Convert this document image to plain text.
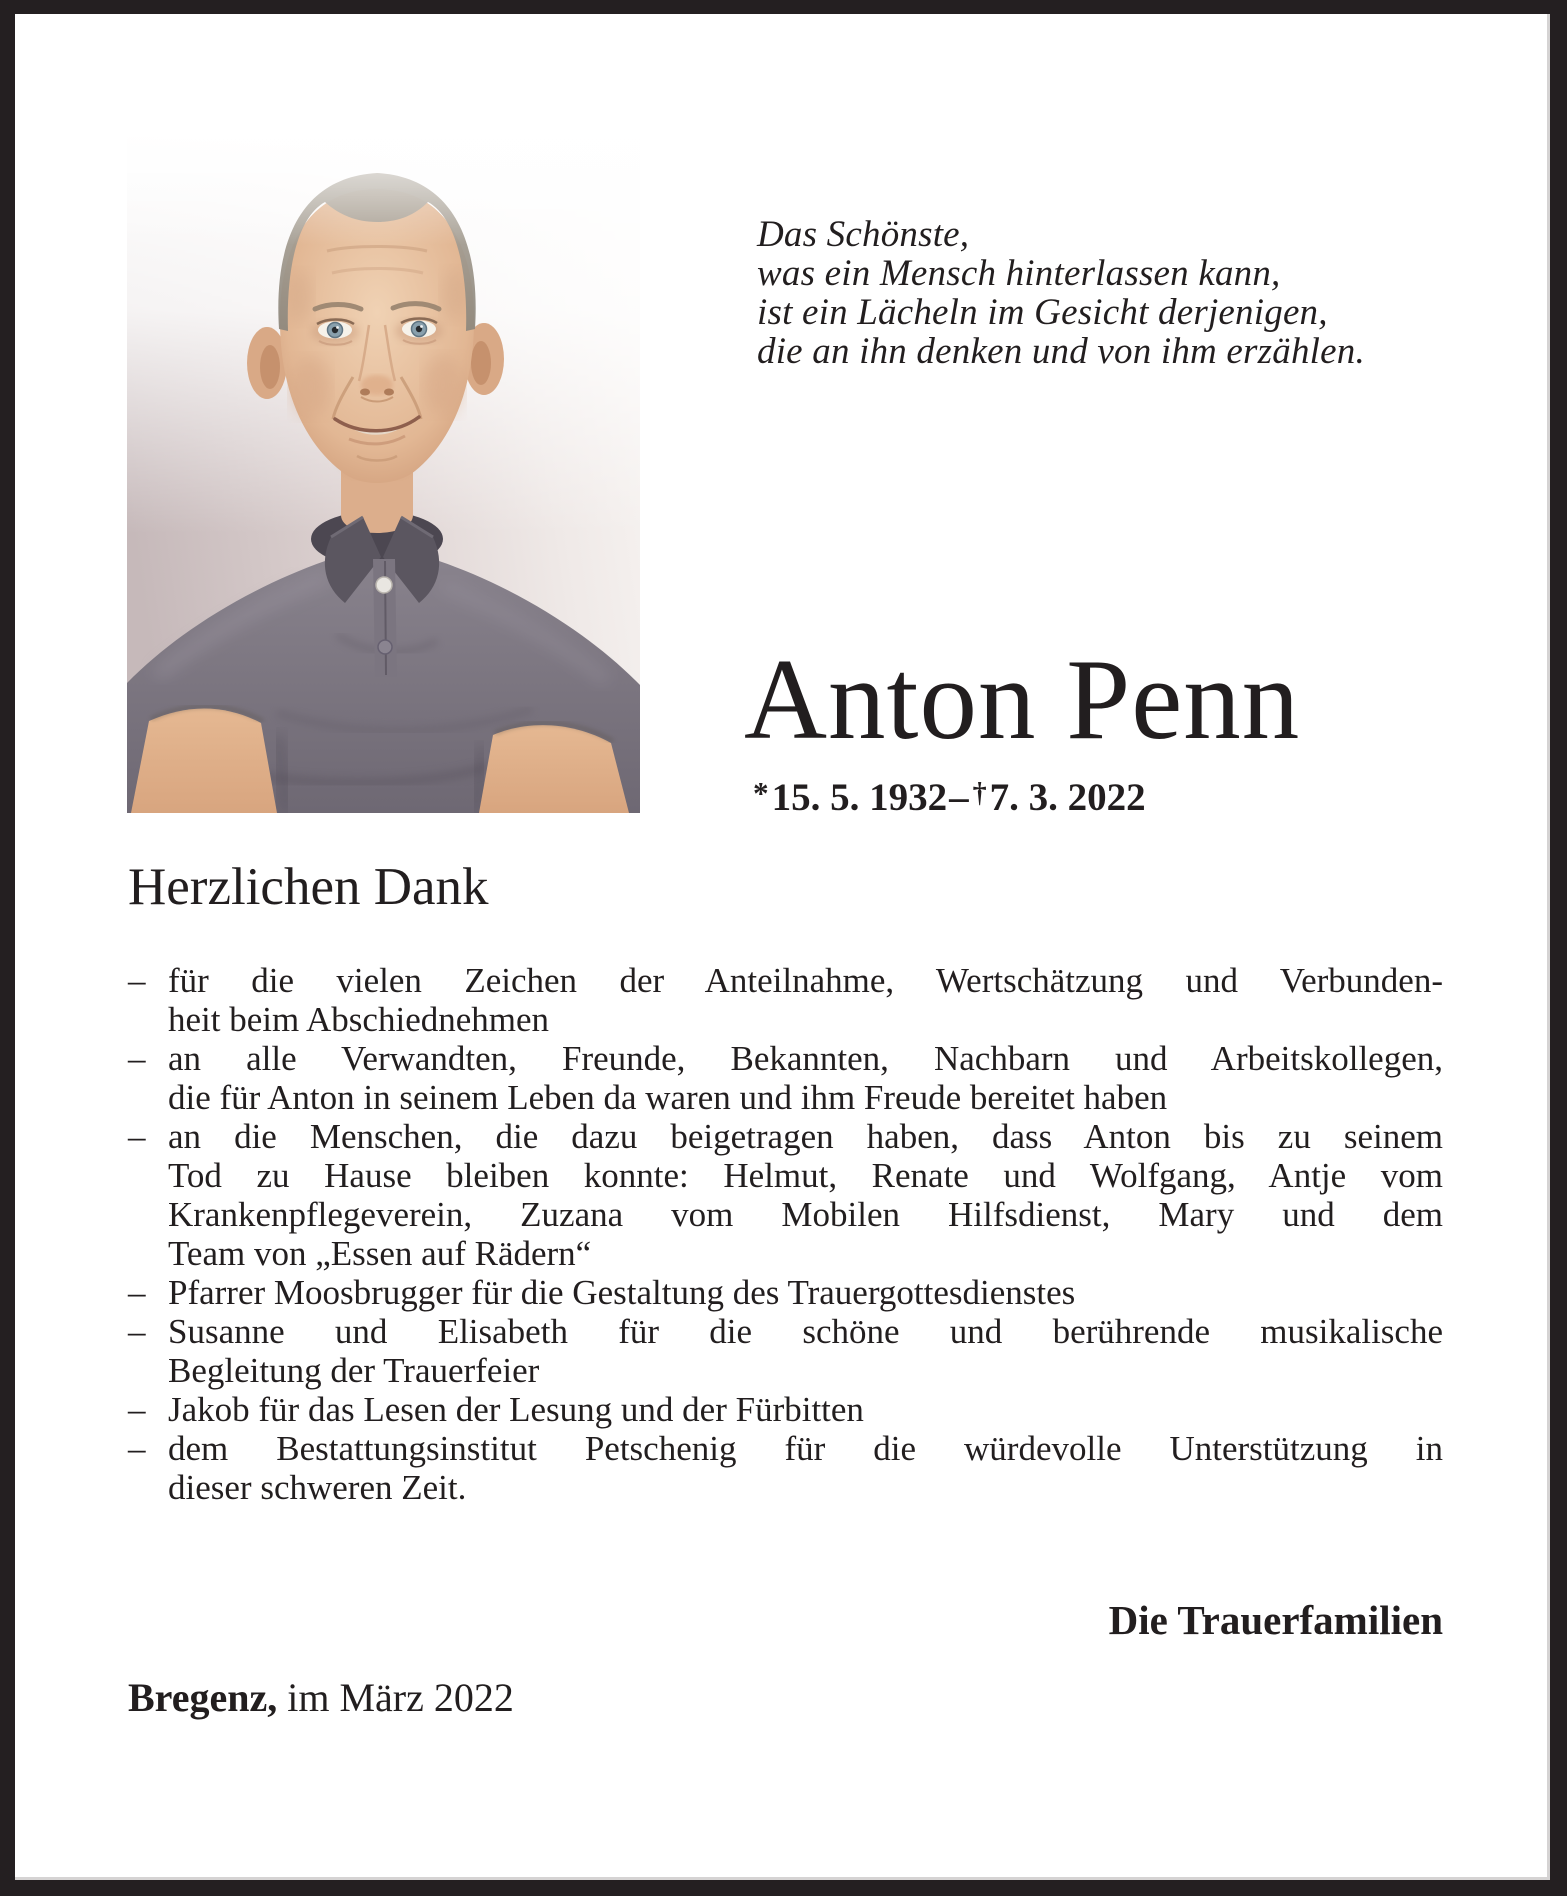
Das Schönste,
was ein Mensch hinterlassen kann,
ist ein Lächeln im Gesicht derjenigen,
die an ihn denken und von ihm erzählen.
Anton Penn
*15. 5. 1932– †7. 3. 2022
Herzlichen Dank
– für die vielen Zeichen der Anteilnahme, Wertschätzung und Verbunden-
heit beim Abschiednehmen
– an alle Verwandten, Freunde, Bekannten, Nachbarn und Arbeitskollegen,
die für Anton in seinem Leben da waren und ihm Freude bereitet haben
– an die Menschen, die dazu beigetragen haben, dass Anton bis zu seinem
Tod zu Hause bleiben konnte: Helmut, Renate und Wolfgang, Antje vom
Krankenpflegeverein, Zuzana vom Mobilen Hilfsdienst, Mary und dem
Team von „Essen auf Rädern“
– Pfarrer Moosbrugger für die Gestaltung des Trauergottesdienstes
– Susanne und Elisabeth für die schöne und berührende musikalische
Begleitung der Trauerfeier
– Jakob für das Lesen der Lesung und der Fürbitten
– dem Bestattungsinstitut Petschenig für die würdevolle Unterstützung in
dieser schweren Zeit.
Die Trauerfamilien
Bregenz, im März 2022
